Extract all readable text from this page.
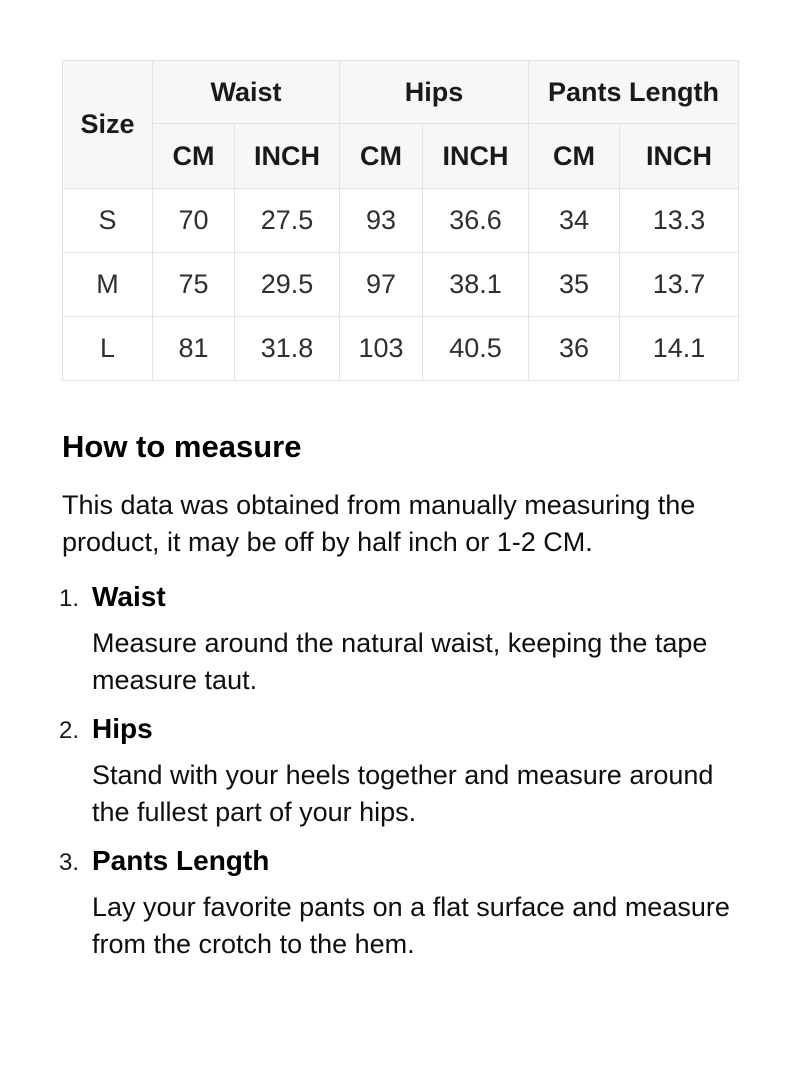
Size	Waist		Hips		Pants Length	
	CM	INCH	CM	INCH	CM	INCH
S	70	27.5	93	36.6	34	13.3
M	75	29.5	97	38.1	35	13.7
L	81	31.8	103	40.5	36	14.1
How to measure

This data was obtained from manually measuring the product, it may be off by half inch or 1-2 CM.

1. Waist

Measure around the natural waist, keeping the tape measure taut.

2. Hips

Stand with your heels together and measure around the fullest part of your hips.

3. Pants Length

Lay your favorite pants on a flat surface and measure from the crotch to the hem.
